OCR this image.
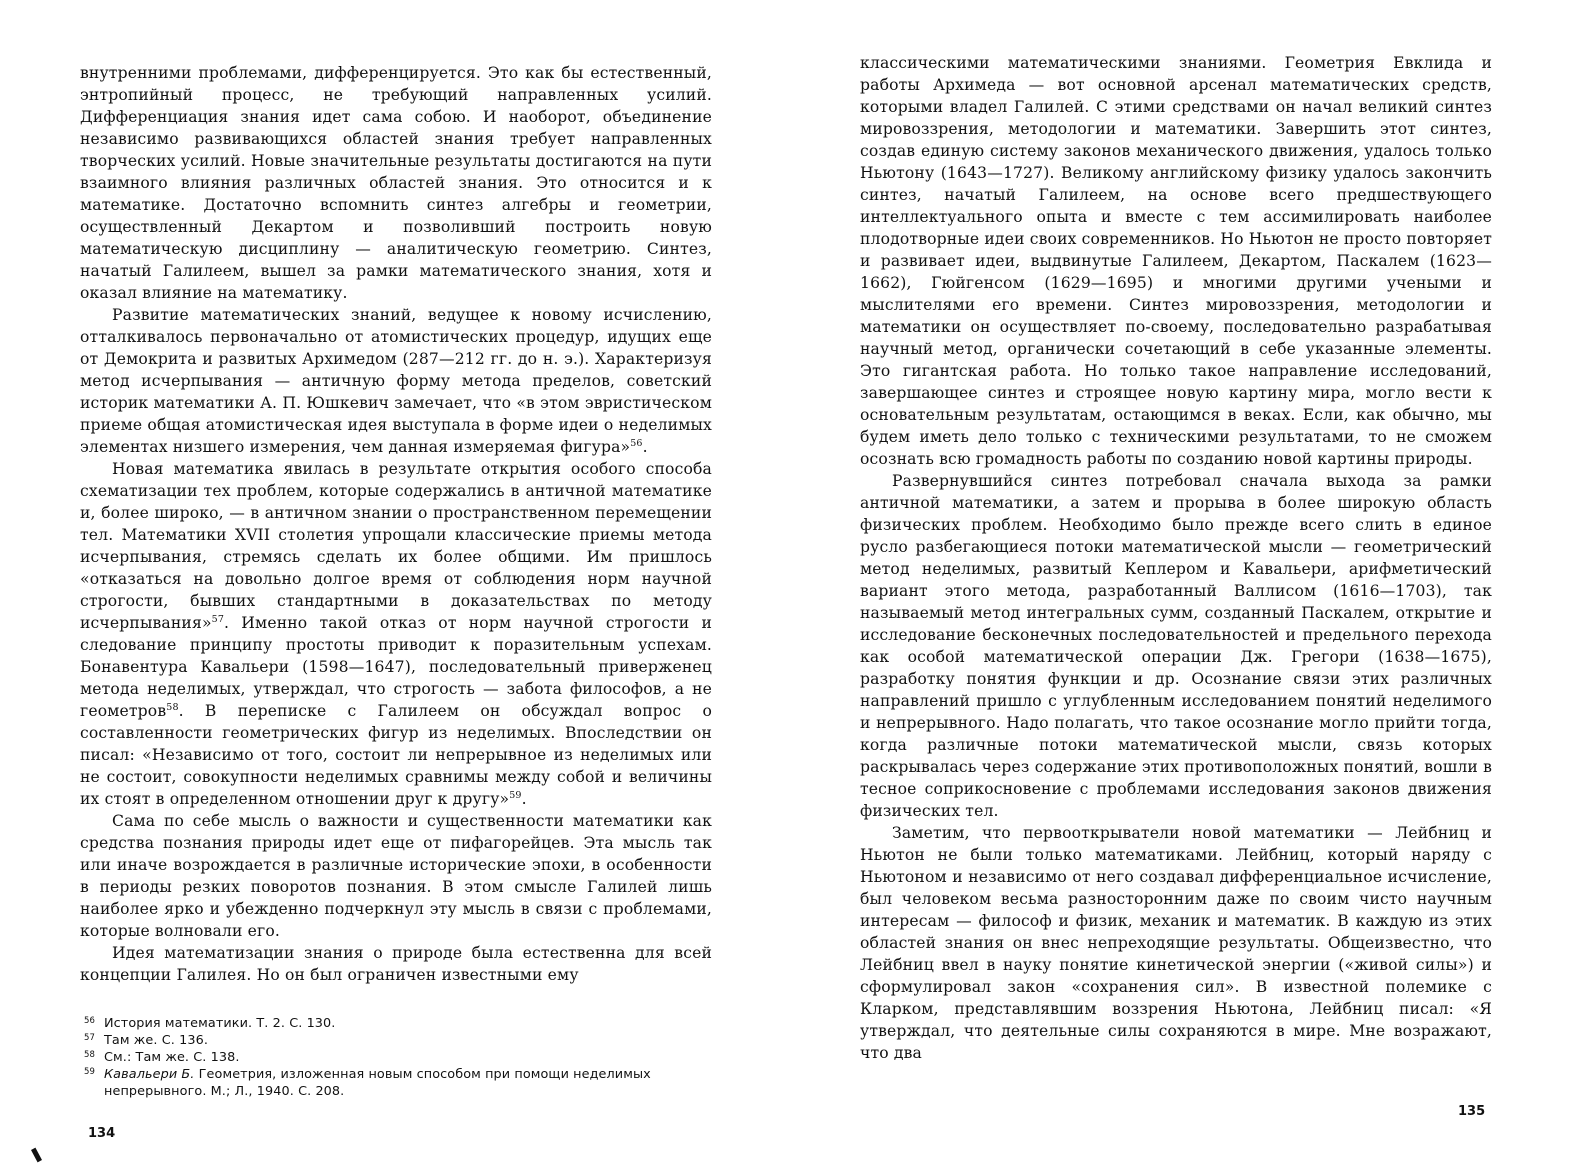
внутренними проблемами, дифференцируется. Это как бы естественный, энтропийный процесс, не требующий направленных усилий. Дифференциация знания идет сама собою. И наоборот, объединение независимо развивающихся областей знания требует направленных творческих усилий. Новые значительные результаты достигаются на пути взаимного влияния различных областей знания. Это относится и к математике. Достаточно вспомнить синтез алгебры и геометрии, осуществленный Декартом и позволивший построить новую математическую дисциплину — аналитическую геометрию. Синтез, начатый Галилеем, вышел за рамки математического знания, хотя и оказал влияние на математику.

Развитие математических знаний, ведущее к новому исчислению, отталкивалось первоначально от атомистических процедур, идущих еще от Демокрита и развитых Архимедом (287—212 гг. до н. э.). Характеризуя метод исчерпывания — античную форму метода пределов, советский историк математики А. П. Юшкевич замечает, что «в этом эвристическом приеме общая атомистическая идея выступала в форме идеи о неделимых элементах низшего измерения, чем данная измеряемая фигура»$^{56}$.

Новая математика явилась в результате открытия особого способа схематизации тех проблем, которые содержались в античной математике и, более широко, — в античном знании о пространственном перемещении тел. Математики XVII столетия упрощали классические приемы метода исчерпывания, стремясь сделать их более общими. Им пришлось «отказаться на довольно долгое время от соблюдения норм научной строгости, бывших стандартными в доказательствах по методу исчерпывания»$^{57}$. Именно такой отказ от норм научной строгости и следование принципу простоты приводит к поразительным успехам. Бонавентура Кавальери (1598—1647), последовательный приверженец метода неделимых, утверждал, что строгость — забота философов, а не геометров$^{58}$. В переписке с Галилеем он обсуждал вопрос о составленности геометрических фигур из неделимых. Впоследствии он писал: «Независимо от того, состоит ли непрерывное из неделимых или не состоит, совокупности неделимых сравнимы между собой и величины их стоят в определенном отношении друг к другу»$^{59}$.

Сама по себе мысль о важности и существенности математики как средства познания природы идет еще от пифагорейцев. Эта мысль так или иначе возрождается в различные исторические эпохи, в особенности в периоды резких поворотов познания. В этом смысле Галилей лишь наиболее ярко и убежденно подчеркнул эту мысль в связи с проблемами, которые волновали его.

Идея математизации знания о природе была естественна для всей концепции Галилея. Но он был ограничен известными ему

56 История математики. Т. 2. С. 130.
57 Там же. С. 136.
58 См.: Там же. С. 138.
59 Кавальери Б. Геометрия, изложенная новым способом при помощи неделимых непрерывного. М.; Л., 1940. С. 208.
134

классическими математическими знаниями. Геометрия Евклида и работы Архимеда — вот основной арсенал математических средств, которыми владел Галилей. С этими средствами он начал великий синтез мировоззрения, методологии и математики. Завершить этот синтез, создав единую систему законов механического движения, удалось только Ньютону (1643—1727). Великому английскому физику удалось закончить синтез, начатый Галилеем, на основе всего предшествующего интеллектуального опыта и вместе с тем ассимилировать наиболее плодотворные идеи своих современников. Но Ньютон не просто повторяет и развивает идеи, выдвинутые Галилеем, Декартом, Паскалем (1623—1662), Гюйгенсом (1629—1695) и многими другими учеными и мыслителями его времени. Синтез мировоззрения, методологии и математики он осуществляет по-своему, последовательно разрабатывая научный метод, органически сочетающий в себе указанные элементы. Это гигантская работа. Но только такое направление исследований, завершающее синтез и строящее новую картину мира, могло вести к основательным результатам, остающимся в веках. Если, как обычно, мы будем иметь дело только с техническими результатами, то не сможем осознать всю громадность работы по созданию новой картины природы.

Развернувшийся синтез потребовал сначала выхода за рамки античной математики, а затем и прорыва в более широкую область физических проблем. Необходимо было прежде всего слить в единое русло разбегающиеся потоки математической мысли — геометрический метод неделимых, развитый Кеплером и Кавальери, арифметический вариант этого метода, разработанный Валлисом (1616—1703), так называемый метод интегральных сумм, созданный Паскалем, открытие и исследование бесконечных последовательностей и предельного перехода как особой математической операции Дж. Грегори (1638—1675), разработку понятия функции и др. Осознание связи этих различных направлений пришло с углубленным исследованием понятий неделимого и непрерывного. Надо полагать, что такое осознание могло прийти тогда, когда различные потоки математической мысли, связь которых раскрывалась через содержание этих противоположных понятий, вошли в тесное соприкосновение с проблемами исследования законов движения физических тел.

Заметим, что первооткрыватели новой математики — Лейбниц и Ньютон не были только математиками. Лейбниц, который наряду с Ньютоном и независимо от него создавал дифференциальное исчисление, был человеком весьма разносторонним даже по своим чисто научным интересам — философ и физик, механик и математик. В каждую из этих областей знания он внес непреходящие результаты. Общеизвестно, что Лейбниц ввел в науку понятие кинетической энергии («живой силы») и сформулировал закон «сохранения сил». В известной полемике с Кларком, представлявшим воззрения Ньютона, Лейбниц писал: «Я утверждал, что деятельные силы сохраняются в мире. Мне возражают, что два

135
